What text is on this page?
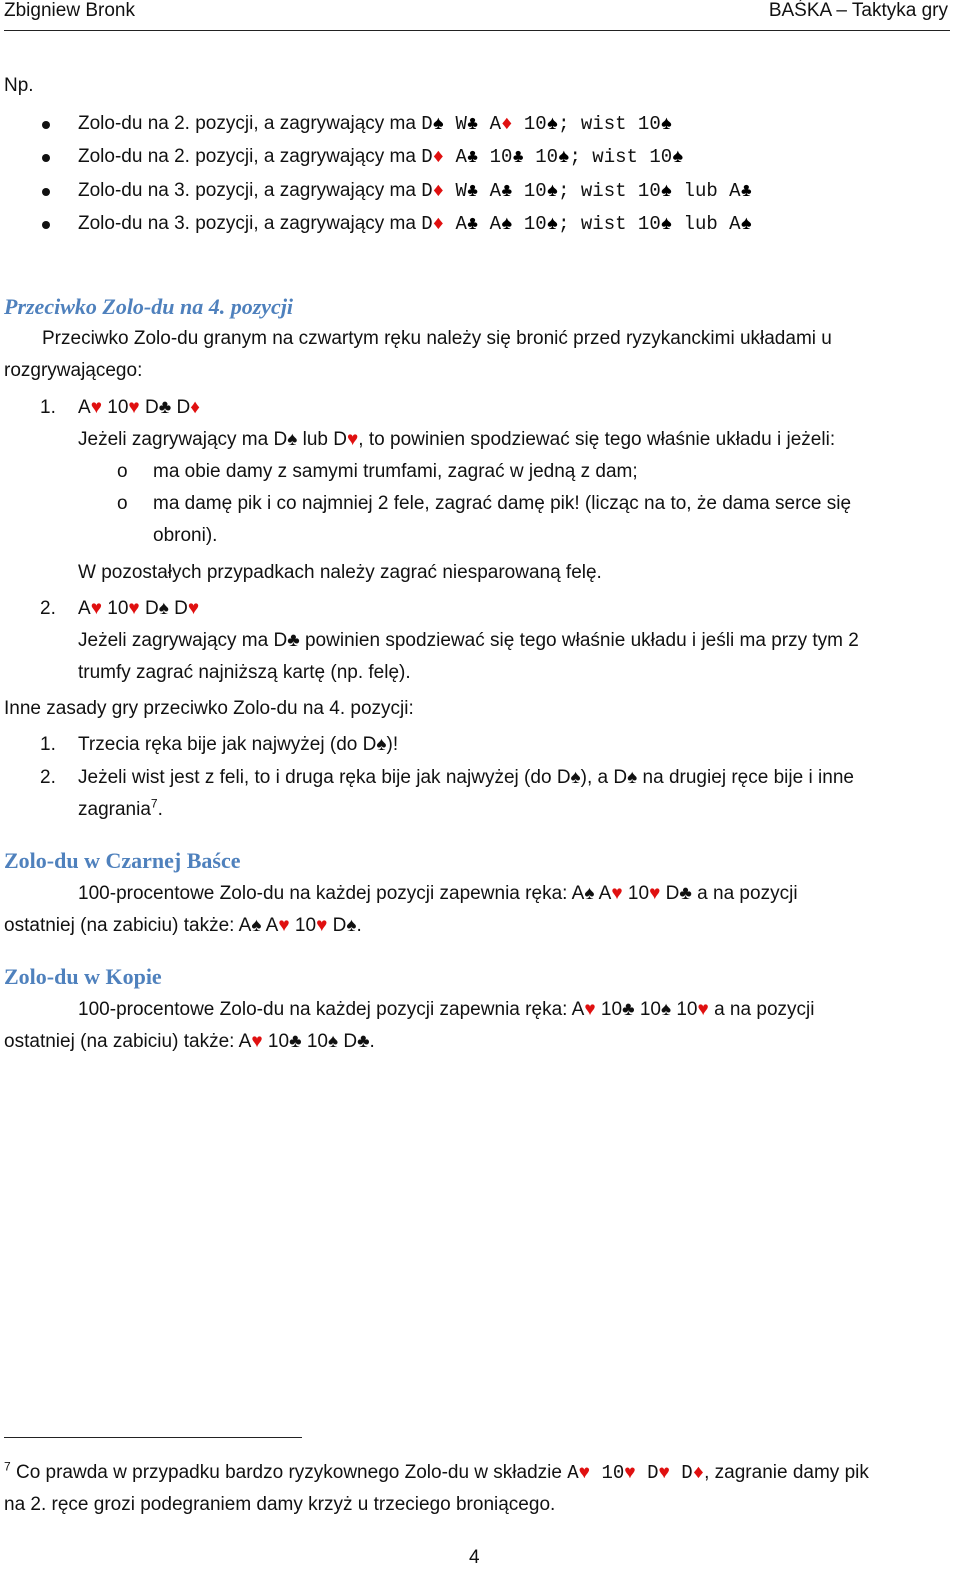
Zbigniew Bronk	BAŚKA – Taktyka gry
Np.
Zolo-du na 2. pozycji, a zagrywający ma D♠ W♣ A♦ 10♠; wist 10♠
Zolo-du na 2. pozycji, a zagrywający ma D♦ A♣ 10♣ 10♠; wist 10♠
Zolo-du na 3. pozycji, a zagrywający ma D♦ W♣ A♣ 10♠; wist 10♠ lub A♣
Zolo-du na 3. pozycji, a zagrywający ma D♦ A♣ A♠ 10♠; wist 10♠ lub A♠
Przeciwko Zolo-du na 4. pozycji
Przeciwko Zolo-du granym na czwartym ręku należy się bronić przed ryzykanckimi układami u
rozgrywającego:
1. A♥ 10♥ D♣ D♦
Jeżeli zagrywający ma D♠ lub D♥, to powinien spodziewać się tego właśnie układu i jeżeli:
o ma obie damy z samymi trumfami, zagrać w jedną z dam;
o ma damę pik i co najmniej 2 fele, zagrać damę pik! (licząc na to, że dama serce się
obroni).
W pozostałych przypadkach należy zagrać niesparowaną felę.
2. A♥ 10♥ D♠ D♥
Jeżeli zagrywający ma D♣ powinien spodziewać się tego właśnie układu i jeśli ma przy tym 2
trumfy zagrać najniższą kartę (np. felę).
Inne zasady gry przeciwko Zolo-du na 4. pozycji:
1. Trzecia ręka bije jak najwyżej (do D♠)!
2. Jeżeli wist jest z feli, to i druga ręka bije jak najwyżej (do D♠), a D♠ na drugiej ręce bije i inne
zagrania$^7$.
Zolo-du w Czarnej Baśce
100-procentowe Zolo-du na każdej pozycji zapewnia ręka: A♠ A♥ 10♥ D♣ a na pozycji
ostatniej (na zabiciu) także: A♠ A♥ 10♥ D♠.
Zolo-du w Kopie
100-procentowe Zolo-du na każdej pozycji zapewnia ręka: A♥ 10♣ 10♠ 10♥ a na pozycji
ostatniej (na zabiciu) także: A♥ 10♣ 10♠ D♣.
$^7$ Co prawda w przypadku bardzo ryzykownego Zolo-du w składzie A♥ 10♥ D♥ D♦, zagranie damy pik
na 2. ręce grozi podegraniem damy krzyż u trzeciego broniącego.
4
